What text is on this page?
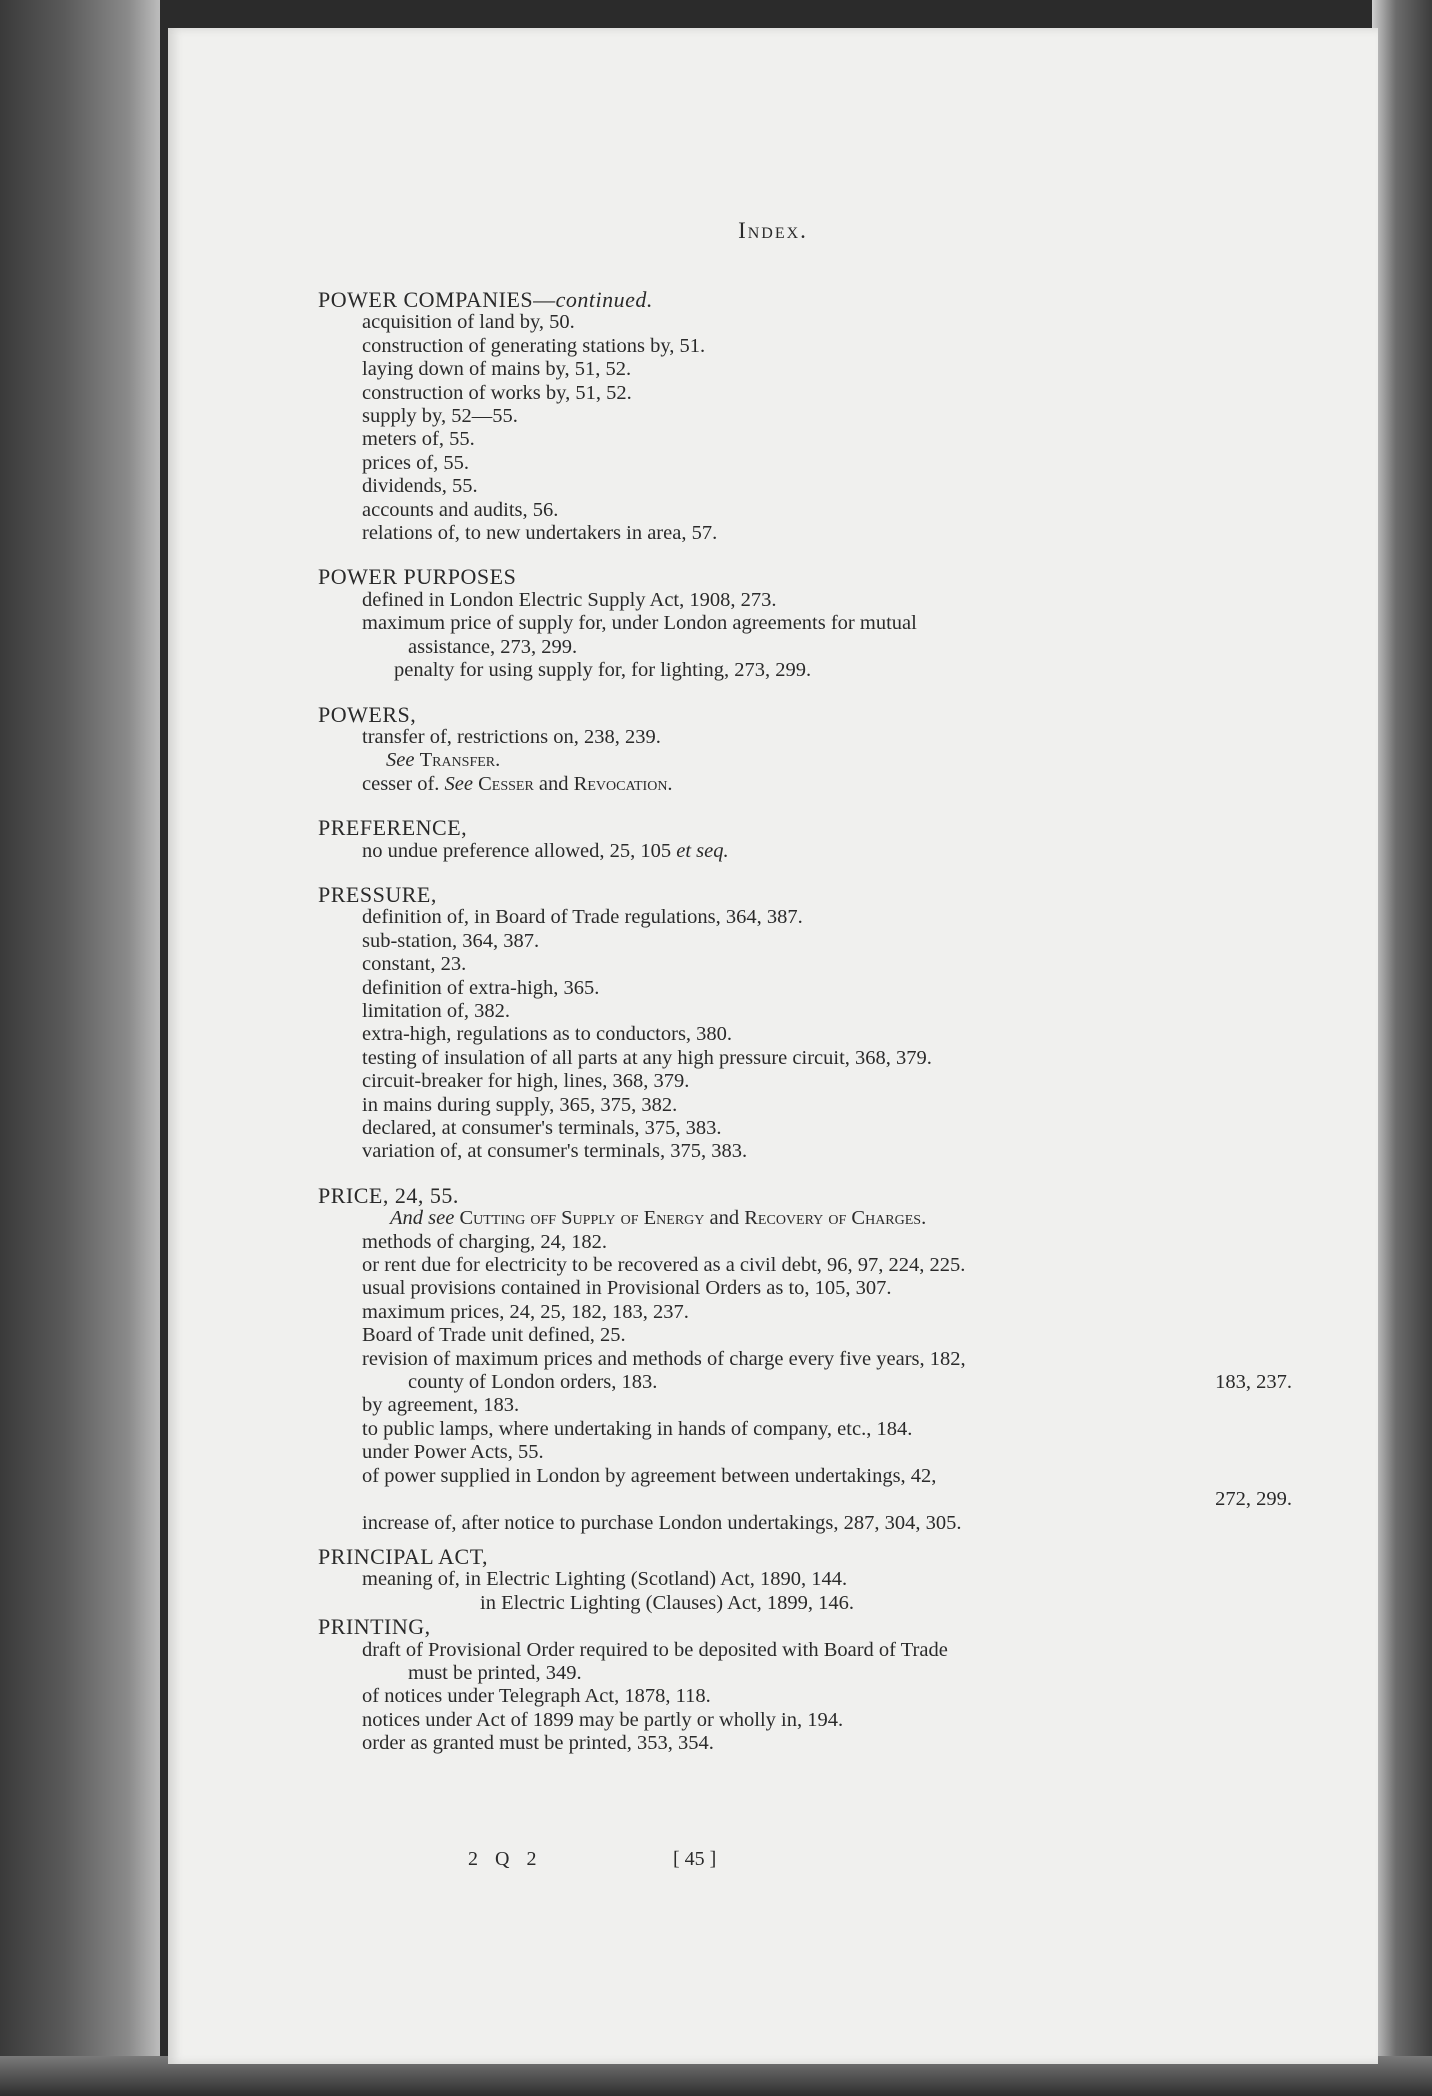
Index.

POWER COMPANIES—continued.

acquisition of land by, 50.

construction of generating stations by, 51.

laying down of mains by, 51, 52.

construction of works by, 51, 52.

supply by, 52—55.

meters of, 55.

prices of, 55.

dividends, 55.

accounts and audits, 56.

relations of, to new undertakers in area, 57.

POWER PURPOSES

defined in London Electric Supply Act, 1908, 273.

maximum price of supply for, under London agreements for mutual

assistance, 273, 299.

penalty for using supply for, for lighting, 273, 299.

POWERS,

transfer of, restrictions on, 238, 239.

See Transfer.

cesser of. See Cesser and Revocation.

PREFERENCE,

no undue preference allowed, 25, 105 et seq.

PRESSURE,

definition of, in Board of Trade regulations, 364, 387.

sub-station, 364, 387.

constant, 23.

definition of extra-high, 365.

limitation of, 382.

extra-high, regulations as to conductors, 380.

testing of insulation of all parts at any high pressure circuit, 368, 379.

circuit-breaker for high, lines, 368, 379.

in mains during supply, 365, 375, 382.

declared, at consumer's terminals, 375, 383.

variation of, at consumer's terminals, 375, 383.

PRICE, 24, 55.

And see Cutting off Supply of Energy and Recovery of Charges.

methods of charging, 24, 182.

or rent due for electricity to be recovered as a civil debt, 96, 97, 224, 225.

usual provisions contained in Provisional Orders as to, 105, 307.

maximum prices, 24, 25, 182, 183, 237.

Board of Trade unit defined, 25.

revision of maximum prices and methods of charge every five years, 182,

county of London orders, 183.	183, 237.

by agreement, 183.

to public lamps, where undertaking in hands of company, etc., 184.

under Power Acts, 55.

of power supplied in London by agreement between undertakings, 42,

272, 299.

increase of, after notice to purchase London undertakings, 287, 304, 305.

PRINCIPAL ACT,

meaning of, in Electric Lighting (Scotland) Act, 1890, 144.

in Electric Lighting (Clauses) Act, 1899, 146.

PRINTING,

draft of Provisional Order required to be deposited with Board of Trade

must be printed, 349.

of notices under Telegraph Act, 1878, 118.

notices under Act of 1899 may be partly or wholly in, 194.

order as granted must be printed, 353, 354.

2 Q 2	[ 45 ]
